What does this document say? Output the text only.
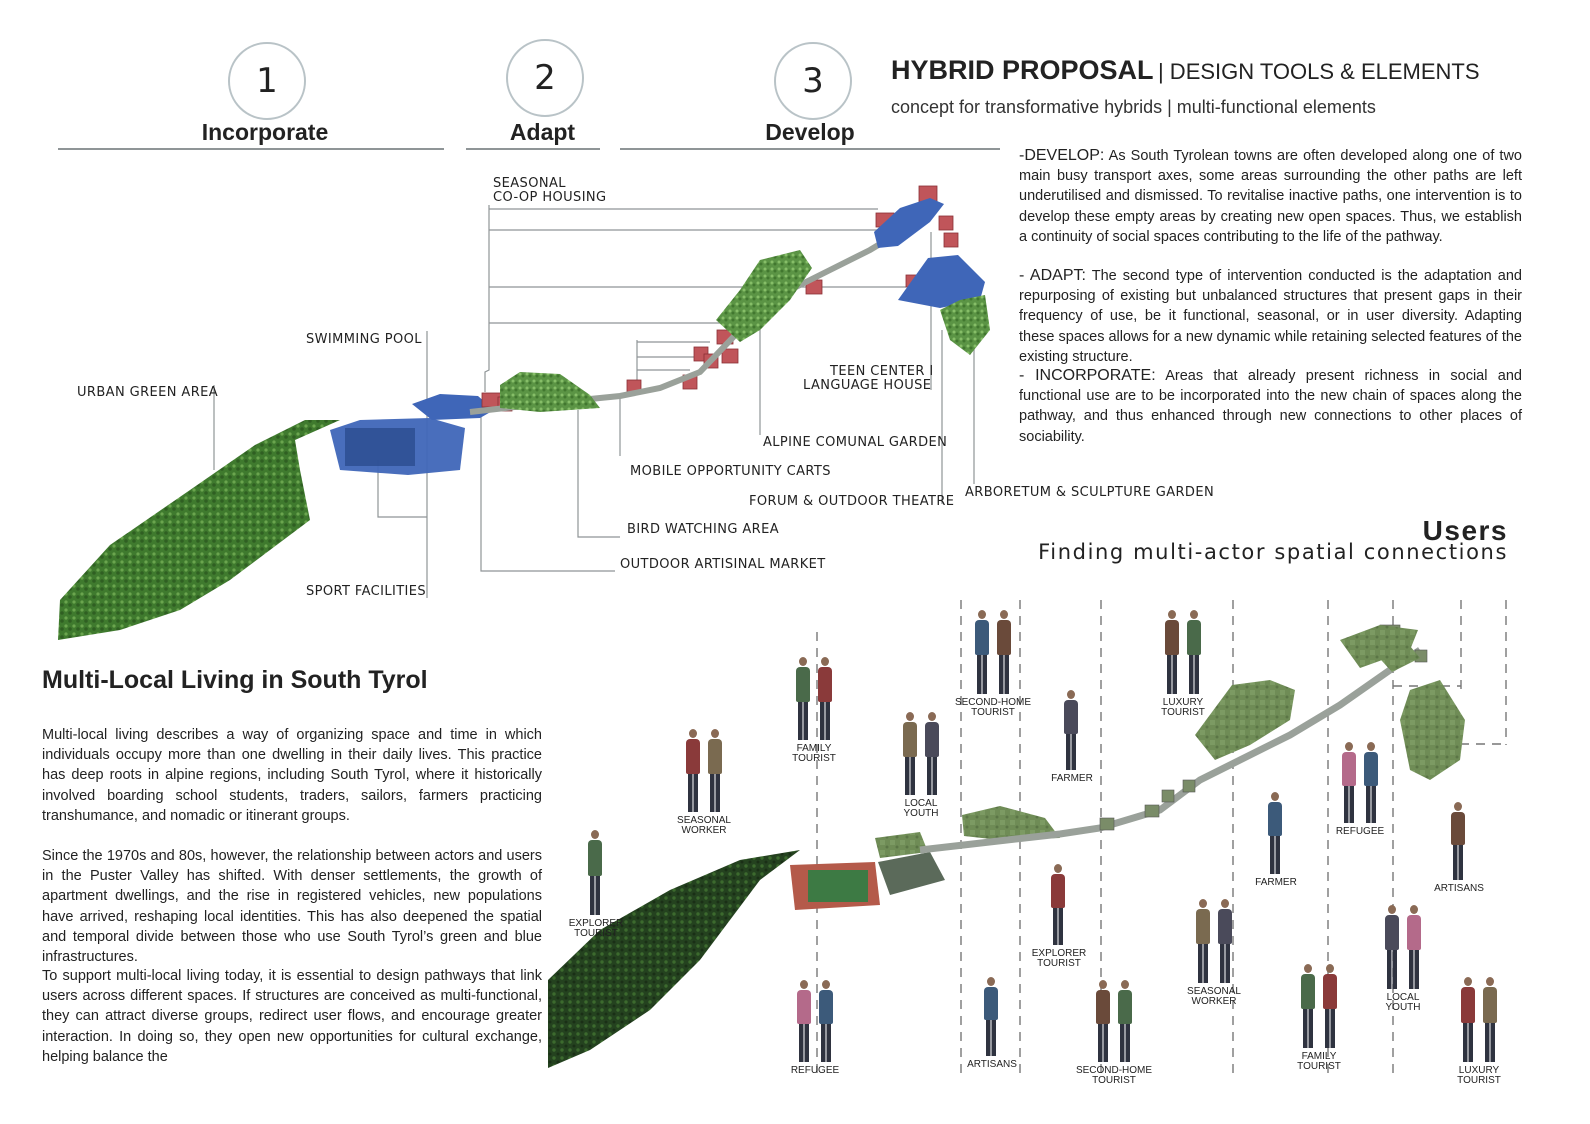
1
Incorporate
2
Adapt
3
Develop
HYBRID PROPOSAL | DESIGN TOOLS & ELEMENTS
concept for transformative hybrids | multi-functional elements
-DEVELOP: As South Tyrolean towns are often developed along one of two main busy transport axes, some areas surrounding the other paths are left underutilised and dismissed. To revitalise inactive paths, one intervention is to develop these empty areas by creating new open spaces. Thus, we establish a continuity of social spaces contributing to the life of the pathway.
- ADAPT: The second type of intervention conducted is the adaptation and repurposing of existing but unbalanced structures that present gaps in their frequency of use, be it functional, seasonal, or in user diversity. Adapting these spaces allows for a new dynamic while retaining selected features of the existing structure.
- INCORPORATE: Areas that already present richness in social and functional use are to be incorporated into the new chain of spaces along the pathway, and thus enhanced through new connections to other places of sociability.
SEASONAL
CO-OP HOUSING
SWIMMING POOL
URBAN GREEN AREA
TEEN CENTER I
LANGUAGE HOUSE
ALPINE COMUNAL GARDEN
MOBILE OPPORTUNITY CARTS
FORUM & OUTDOOR THEATRE
ARBORETUM & SCULPTURE GARDEN
BIRD WATCHING AREA
OUTDOOR ARTISINAL MARKET
SPORT FACILITIES
Users
Finding multi-actor spatial connections
Multi-Local Living in South Tyrol
Multi-local living describes a way of organizing space and time in which individuals occupy more than one dwelling in their daily lives. This practice has deep roots in alpine regions, including South Tyrol, where it historically involved boarding school students, traders, sailors, farmers practicing transhumance, and nomadic or itinerant groups.
Since the 1970s and 80s, however, the relationship between actors and users in the Puster Valley has shifted. With denser settlements, the growth of apartment dwellings, and the rise in registered vehicles, new populations have arrived, reshaping local identities. This has also deepened the spatial and temporal divide between those who use South Tyrol’s green and blue infrastructures.
To support multi-local living today, it is essential to design pathways that link users across different spaces. If structures are conceived as multi-functional, they can attract diverse groups, redirect user flows, and encourage greater interaction. In doing so, they open new opportunities for cultural exchange, helping balance the
SECOND-HOME
TOURIST
LUXURY
TOURIST
FAMILY
TOURIST
SEASONAL
WORKER
LOCAL
YOUTH
FARMER
REFUGEE
FARMER
ARTISANS
EXPLORER
TOURIST
EXPLORER
TOURIST
SEASONAL
WORKER	LOCAL
YOUTH
REFUGEE
ARTISANS
SECOND-HOME
TOURIST
FAMILY
TOURIST	LUXURY
TOURIST
